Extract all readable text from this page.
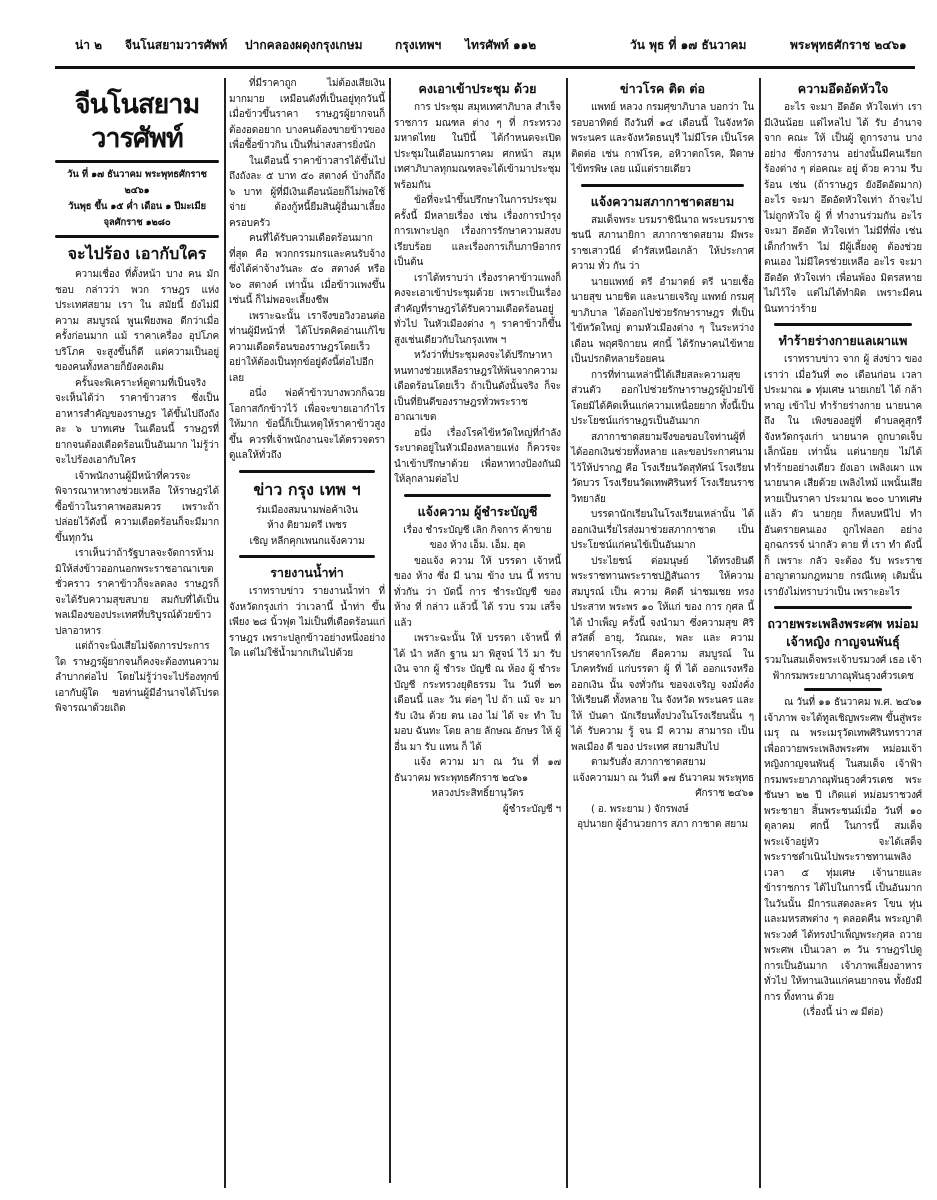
น่า ๒ จีนโนสยามวารศัพท์ ปากคลองผดุงกรุงเกษม	กรุงเทพฯ ไทรศัพท์ ๑๑๒	วัน พุธ ที่ ๑๗ ธันวาคม	พระพุทธศักราช ๒๔๖๑
จีนโนสยามวารศัพท์
วัน ที่ ๑๗ ธันวาคม พระพุทธศักราช ๒๔๖๑
วันพุธ ขึ้น ๑๕ ค่ำ เดือน ๑ ปีมะเมีย
จุลศักราช ๑๒๘๐
จะไปร้อง เอากับใคร

ความเชื่อง ที่ตั้งหน้า บาง คน มักชอบ กล่าวว่า พวก ราษฎร แห่ง ประเทศสยาม เรา ใน สมัยนี้ ยังไม่มี ความ สมบูรณ์ พูนเพียงพอ ดีกว่าเมื่อครั้งก่อนมาก แม้ ราคาเครื่อง อุปโภค บริโภค จะสูงขึ้นก็ดี แต่ความเป็นอยู่ของคนทั้งหลายก็ยังคงเดิม

ครั้นจะพิเคราะห์ดูตามที่เป็นจริง จะเห็นได้ว่า ราคาข้าวสาร ซึ่งเป็นอาหารสำคัญของราษฎร ได้ขึ้นไปถึงถังละ ๖ บาทเศษ ในเดือนนี้ ราษฎรที่ยากจนต้องเดือดร้อนเป็นอันมาก ไม่รู้ว่าจะไปร้องเอากับใคร

เจ้าพนักงานผู้มีหน้าที่ควรจะพิจารณาหาทางช่วยเหลือ ให้ราษฎรได้ซื้อข้าวในราคาพอสมควร เพราะถ้าปล่อยไว้ดังนี้ ความเดือดร้อนก็จะมีมากขึ้นทุกวัน

เราเห็นว่าถ้ารัฐบาลจะจัดการห้ามมิให้ส่งข้าวออกนอกพระราชอาณาเขตชั่วคราว ราคาข้าวก็จะลดลง ราษฎรก็จะได้รับความสุขสบาย สมกับที่ได้เป็นพลเมืองของประเทศที่บริบูรณ์ด้วยข้าวปลาอาหาร

แต่ถ้าจะนิ่งเสียไม่จัดการประการใด ราษฎรผู้ยากจนก็คงจะต้องทนความลำบากต่อไป โดยไม่รู้ว่าจะไปร้องทุกข์เอากับผู้ใด ขอท่านผู้มีอำนาจได้โปรดพิจารณาด้วยเถิด

ที่มีราคาถูก ไม่ต้องเสียเงินมากมาย เหมือนดังที่เป็นอยู่ทุกวันนี้ เมื่อข้าวขึ้นราคา ราษฎรผู้ยากจนก็ต้องอดอยาก บางคนต้องขายข้าวของเพื่อซื้อข้าวกิน เป็นที่น่าสงสารยิ่งนัก

ในเดือนนี้ ราคาข้าวสารได้ขึ้นไปถึงถังละ ๕ บาท ๕๐ สตางค์ บ้างก็ถึง ๖ บาท ผู้ที่มีเงินเดือนน้อยก็ไม่พอใช้จ่าย ต้องกู้หนี้ยืมสินผู้อื่นมาเลี้ยงครอบครัว

คนที่ได้รับความเดือดร้อนมากที่สุด คือ พวกกรรมกรและคนรับจ้าง ซึ่งได้ค่าจ้างวันละ ๕๐ สตางค์ หรือ ๖๐ สตางค์ เท่านั้น เมื่อข้าวแพงขึ้นเช่นนี้ ก็ไม่พอจะเลี้ยงชีพ

เพราะฉะนั้น เราจึงขอวิงวอนต่อท่านผู้มีหน้าที่ ได้โปรดคิดอ่านแก้ไขความเดือดร้อนของราษฎรโดยเร็ว อย่าให้ต้องเป็นทุกข์อยู่ดังนี้ต่อไปอีกเลย

อนึ่ง พ่อค้าข้าวบางพวกก็ฉวยโอกาสกักข้าวไว้ เพื่อจะขายเอากำไรให้มาก ข้อนี้ก็เป็นเหตุให้ราคาข้าวสูงขึ้น ควรที่เจ้าพนักงานจะได้ตรวจตราดูแลให้ทั่วถึง

ข่าว กรุง เทพ ฯ

ร่มเมืองสมนามพ่อค้าเงิน

ห้าง ติยามตรี เพชร

เชิญ หลีกคุกเพนกแจ้งความ

รายงานน้ำท่า

เราทราบข่าว รายงานน้ำท่า ที่จังหวัดกรุงเก่า ว่าเวลานี้ น้ำท่า ขึ้นเพียง ๒๘ นิ้วฟุต ไม่เป็นที่เดือดร้อนแก่ราษฎร เพราะปลูกข้าวอย่างหนึ่งอย่างใด แต่ไม่ใช้น้ำมากเกินไปด้วย

คงเอาเข้าประชุม ด้วย

การ ประชุม สมุหเทศาภิบาล สำเร็จราชการ มณฑล ต่าง ๆ ที่ กระทรวง มหาดไทย ในปีนี้ ได้กำหนดจะเปิดประชุมในเดือนมกราคม ศกหน้า สมุหเทศาภิบาลทุกมณฑลจะได้เข้ามาประชุมพร้อมกัน

ข้อที่จะนำขึ้นปรึกษาในการประชุมครั้งนี้ มีหลายเรื่อง เช่น เรื่องการบำรุงการเพาะปลูก เรื่องการรักษาความสงบเรียบร้อย และเรื่องการเก็บภาษีอากร เป็นต้น

เราได้ทราบว่า เรื่องราคาข้าวแพงก็คงจะเอาเข้าประชุมด้วย เพราะเป็นเรื่องสำคัญที่ราษฎรได้รับความเดือดร้อนอยู่ทั่วไป ในหัวเมืองต่าง ๆ ราคาข้าวก็ขึ้นสูงเช่นเดียวกับในกรุงเทพ ฯ

หวังว่าที่ประชุมคงจะได้ปรึกษาหาหนทางช่วยเหลือราษฎรให้พ้นจากความเดือดร้อนโดยเร็ว ถ้าเป็นดังนั้นจริง ก็จะเป็นที่ยินดีของราษฎรทั่วพระราชอาณาเขต

อนึ่ง เรื่องโรคไข้หวัดใหญ่ที่กำลังระบาดอยู่ในหัวเมืองหลายแห่ง ก็ควรจะนำเข้าปรึกษาด้วย เพื่อหาทางป้องกันมิให้ลุกลามต่อไป

แจ้งความ ผู้ชำระบัญชี

เรื่อง ชำระบัญชี เลิก กิจการ ค้าขาย ของ ห้าง เอ็ม. เอ็ม. ฮุด

ขอแจ้ง ความ ให้ บรรดา เจ้าหนี้ ของ ห้าง ซึ่ง มี นาม ข้าง บน นี้ ทราบ ทั่วกัน ว่า บัดนี้ การ ชำระบัญชี ของ ห้าง ที่ กล่าว แล้วนี้ ได้ รวบ รวม เสร็จ แล้ว

เพราะฉะนั้น ให้ บรรดา เจ้าหนี้ ที่ ได้ นำ หลัก ฐาน มา พิสูจน์ ไว้ มา รับ เงิน จาก ผู้ ชำระ บัญชี ณ ห้อง ผู้ ชำระ บัญชี กระทรวงยุติธรรม ใน วันที่ ๒๓ เดือนนี้ และ วัน ต่อๆ ไป ถ้า แม้ จะ มา รับ เงิน ด้วย ตน เอง ไม่ ได้ จะ ทำ ใบ มอบ ฉันทะ โดย ลาย ลักษณ อักษร ให้ ผู้ อื่น มา รับ แทน ก็ ได้

แจ้ง ความ มา ณ วัน ที่ ๑๗ ธันวาคม พระพุทธศักราช ๒๔๖๑

หลวงประสิทธิ์ยานุวัตร

ผู้ชำระบัญชี ฯ

ข่าวโรค ติด ต่อ

แพทย์ หลวง กรมศุขาภิบาล บอกว่า ในรอบอาทิตย์ ถึงวันที่ ๑๔ เดือนนี้ ในจังหวัดพระนคร และจังหวัดธนบุรี ไม่มีโรค เป็นโรค ติดต่อ เช่น กาฬโรค, อหิวาตกโรค, ฝีดาษ ไข้ทรพิษ เลย แม้แต่รายเดียว

แจ้งความสภากาชาดสยาม

สมเด็จพระ บรมราชินีนาถ พระบรมราชชนนี สภานายิกา สภากาชาดสยาม มีพระราชเสาวนีย์ ดำรัสเหนือเกล้า ให้ประกาศ ความ ทั่ว กัน ว่า

นายแพทย์ ตรี อำมาตย์ ตรี นายเชื้อ นายสุข นายชิต และนายเจริญ แพทย์ กรมศุขาภิบาล ได้ออกไปช่วยรักษาราษฎร ที่เป็นไข้หวัดใหญ่ ตามหัวเมืองต่าง ๆ ในระหว่างเดือน พฤศจิกายน ศกนี้ ได้รักษาคนไข้หายเป็นปรกติหลายร้อยคน

การที่ท่านเหล่านี้ได้เสียสละความสุขส่วนตัว ออกไปช่วยรักษาราษฎรผู้ป่วยไข้ โดยมิได้คิดเห็นแก่ความเหนื่อยยาก ทั้งนี้เป็นประโยชน์แก่ราษฎรเป็นอันมาก

สภากาชาดสยามจึงขอขอบใจท่านผู้ที่ได้ออกเงินช่วยทั้งหลาย และขอประกาศนามไว้ให้ปรากฏ คือ โรงเรียนวัดสุทัศน์ โรงเรียนวัดบวร โรงเรียนวัดเทพศิรินทร์ โรงเรียนราชวิทยาลัย

บรรดานักเรียนในโรงเรียนเหล่านั้น ได้ออกเงินเรี่ยไรส่งมาช่วยสภากาชาด เป็นประโยชน์แก่คนไข้เป็นอันมาก

ประไยชน์ ต่อมนุษย์ ได้ทรงยินดีพระราชทานพระราชปฏิสันถาร ให้ความสมบูรณ์ เป็น ความ คิดดี น่าชมเชย ทรงประสาท พระพร ๑๐ ให้แก่ ของ การ กุศล นี้ ได้ บำเพ็ญ ครั้งนี้ จงนำมา ซึ่งความสุข ศิริสวัสดิ์ อายุ, วัณณะ, พละ และ ความ ปราศจากโรคภัย คือความ สมบูรณ์ ในโภคทรัพย์ แก่บรรดา ผู้ ที่ ได้ ออกแรงหรือออกเงิน นั้น จงทั่วกัน ขอจงเจริญ จงมั่งคั่ง ให้เรียนดี ทั้งหลาย ใน จังหวัด พระนคร และให้ บันดา นักเรียนทั้งปวงในโรงเรียนนั้น ๆ ได้ รับความ รู้ จน มี ความ สามารถ เป็น พลเมือง ดี ของ ประเทศ สยามสืบไป

ตามรับสั่ง สภากาชาดสยาม

แจ้งความมา ณ วันที่ ๑๗ ธันวาคม พระพุทธศักราช ๒๔๖๑

( อ. พระยาม ) จักรพงษ์

อุปนายก ผู้อำนวยการ สภา กาชาด สยาม

ความอึดอัดหัวใจ

อะไร จะมา อึดอัด หัวใจเท่า เรามีเงินน้อย แต่ไหลไป ได้ รับ อำนาจ จาก คณะ ให้ เป็นผู้ ดูการงาน บางอย่าง ซึ่งการงาน อย่างนั้นมีคนเรียกร้องต่าง ๆ ต่อคณะ อยู่ ด้วย ความ รีบ ร้อน เช่น (ถ้าราษฎร ยังอึดอัดมาก) อะไร จะมา อึดอัดหัวใจเท่า ถ้าจะไป ไม่ถูกหัวใจ ผู้ ที่ ทำงานร่วมกัน อะไร จะมา อึดอัด หัวใจเท่า ไม่มีที่พึ่ง เช่น เด็กกำพร้า ไม่ มีผู้เลี้ยงดู ต้องช่วย ตนเอง ไม่มีใครช่วยเหลือ อะไร จะมา อึดอัด หัวใจเท่า เพื่อนพ้อง มิตรสหาย ไม่ไว้ใจ แต่ไม่ได้ทำผิด เพราะมีคนนินทาว่าร้าย

ทำร้ายร่างกายแลเผาแพ

เราทราบข่าว จาก ผู้ ส่งข่าว ของเราว่า เมื่อวันที่ ๓๐ เดือนก่อน เวลา ประมาณ ๑ ทุ่มเศษ นายเกยไ ได้ กล้าหาญ เข้าไป ทำร้ายร่างกาย นายนาค ถึง ใน เพิงของอยู่ที่ ตำบลคูสุกรี จังหวัดกรุงเก่า นายนาค ถูกบาดเจ็บ เล็กน้อย เท่านั้น แต่นายกุย ไม่ได้ทำร้ายอย่างเดียว ยังเอา เพลิงเผา แพ นายนาค เสียด้วย เพลิงไหม้ แพนั้นเสียหายเป็นราคา ประมาณ ๒๐๐ บาทเศษ แล้ว ตัว นายกุย ก็หลบหนีไป ทำ อันตรายคนเอง ถูกไฟลอก อย่างอุกฉกรรจ์ น่ากลัว ตาย ที่ เรา ทำ ดังนี้ ก็ เพราะ กลัว จะต้อง รับ พระราชอาญาตามกฎหมาย กรณีเหตุ เดิมนั้น เรายังไม่ทราบว่าเป็น เพราะอะไร

ถวายพระเพลิงพระศพ หม่อมเจ้าหญิง กาญจนพันธุ์

รวมในสมเด็จพระเจ้าบรมวงศ์ เธอ เจ้าฟ้ากรมพระยาภาณุพันธุวงศ์วรเดช

ณ วันที่ ๑๑ ธันวาคม พ.ศ. ๒๔๖๑ เจ้าภาพ จะได้ทูลเชิญพระศพ ขึ้นสู่พระเมรุ ณ พระเมรุวัดเทพศิรินทราวาส เพื่อถวายพระเพลิงพระศพ หม่อมเจ้าหญิงกาญจนพันธุ์ ในสมเด็จ เจ้าฟ้ากรมพระยาภาณุพันธุวงศ์วรเดช พระชันษา ๒๒ ปี เกิดแต่ หม่อมราชวงศ์ พระชายา สิ้นพระชนม์เมื่อ วันที่ ๑๐ ตุลาคม ศกนี้ ในการนี้ สมเด็จพระเจ้าอยู่หัว จะได้เสด็จพระราชดำเนินไปพระราชทานเพลิง เวลา ๕ ทุ่มเศษ เจ้านายและข้าราชการ ได้ไปในการนี้ เป็นอันมาก ในวันนั้น มีการแสดงละคร โขน หุ่น และมหรสพต่าง ๆ ตลอดคืน พระญาติพระวงศ์ ได้ทรงบำเพ็ญพระกุศล ถวายพระศพ เป็นเวลา ๓ วัน ราษฎรไปดูการเป็นอันมาก เจ้าภาพเลี้ยงอาหารทั่วไป ให้ทานเงินแก่คนยากจน ทั้งยังมีการ ทิ้งทาน ด้วย

(เรื่องนี้ น่า ๗ มีต่อ)
